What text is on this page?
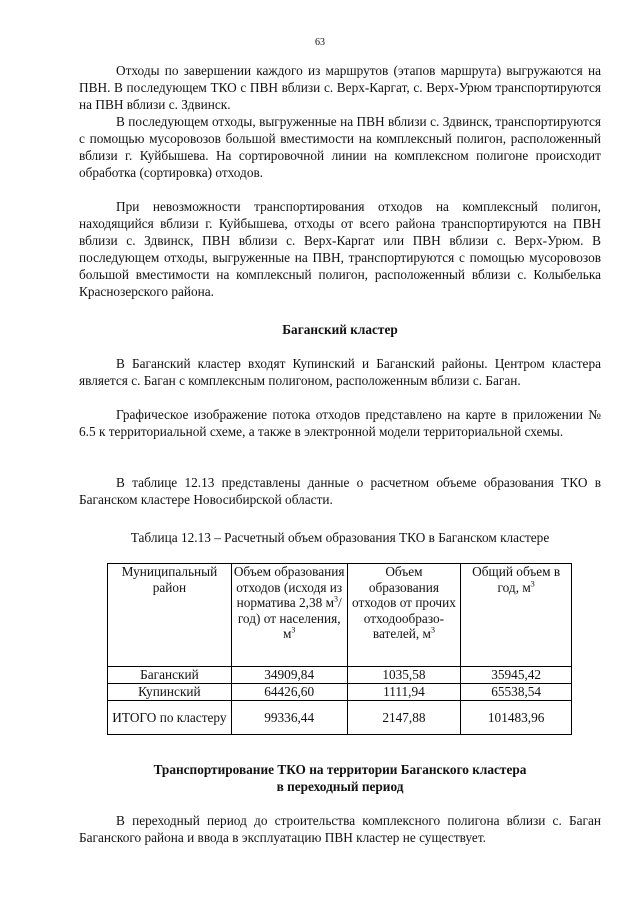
63

Отходы по завершении каждого из маршрутов (этапов маршрута) выгружаются на ПВН. В последующем ТКО с ПВН вблизи с. Верх-Каргат, с. Верх-Урюм транспортируются на ПВН вблизи с. Здвинск.

В последующем отходы, выгруженные на ПВН вблизи с. Здвинск, транспортируются с помощью мусоровозов большой вместимости на комплексный полигон, расположенный вблизи г. Куйбышева. На сортировочной линии на комплексном полигоне происходит обработка (сортировка) отходов.

При невозможности транспортирования отходов на комплексный полигон, находящийся вблизи г. Куйбышева, отходы от всего района транспортируются на ПВН вблизи с. Здвинск, ПВН вблизи с. Верх-Каргат или ПВН вблизи с. Верх-Урюм. В последующем отходы, выгруженные на ПВН, транспортируются с помощью мусоровозов большой вместимости на комплексный полигон, расположенный вблизи с. Колыбелька Краснозерского района.

Баганский кластер

В Баганский кластер входят Купинский и Баганский районы. Центром кластера является с. Баган с комплексным полигоном, расположенным вблизи с. Баган.

Графическое изображение потока отходов представлено на карте в приложении № 6.5 к территориальной схеме, а также в электронной модели территориальной схемы.

В таблице 12.13 представлены данные о расчетном объеме образования ТКО в Баганском кластере Новосибирской области.

Таблица 12.13 – Расчетный объем образования ТКО в Баганском кластере

Муниципальный район	Объем образования отходов (исходя из норматива 2,38 $м^3/год$) от населения, $м^3$	Объем образования отходов от прочих отходообразо-вателей, $м^3$	Общий объем в год, $м^3$
Баганский	34909,84	1035,58	35945,42
Купинский	64426,60	1111,94	65538,54
ИТОГО по кластеру	99336,44	2147,88	101483,96

Транспортирование ТКО на территории Баганского кластера

в переходный период

В переходный период до строительства комплексного полигона вблизи с. Баган Баганского района и ввода в эксплуатацию ПВН кластер не существует.
